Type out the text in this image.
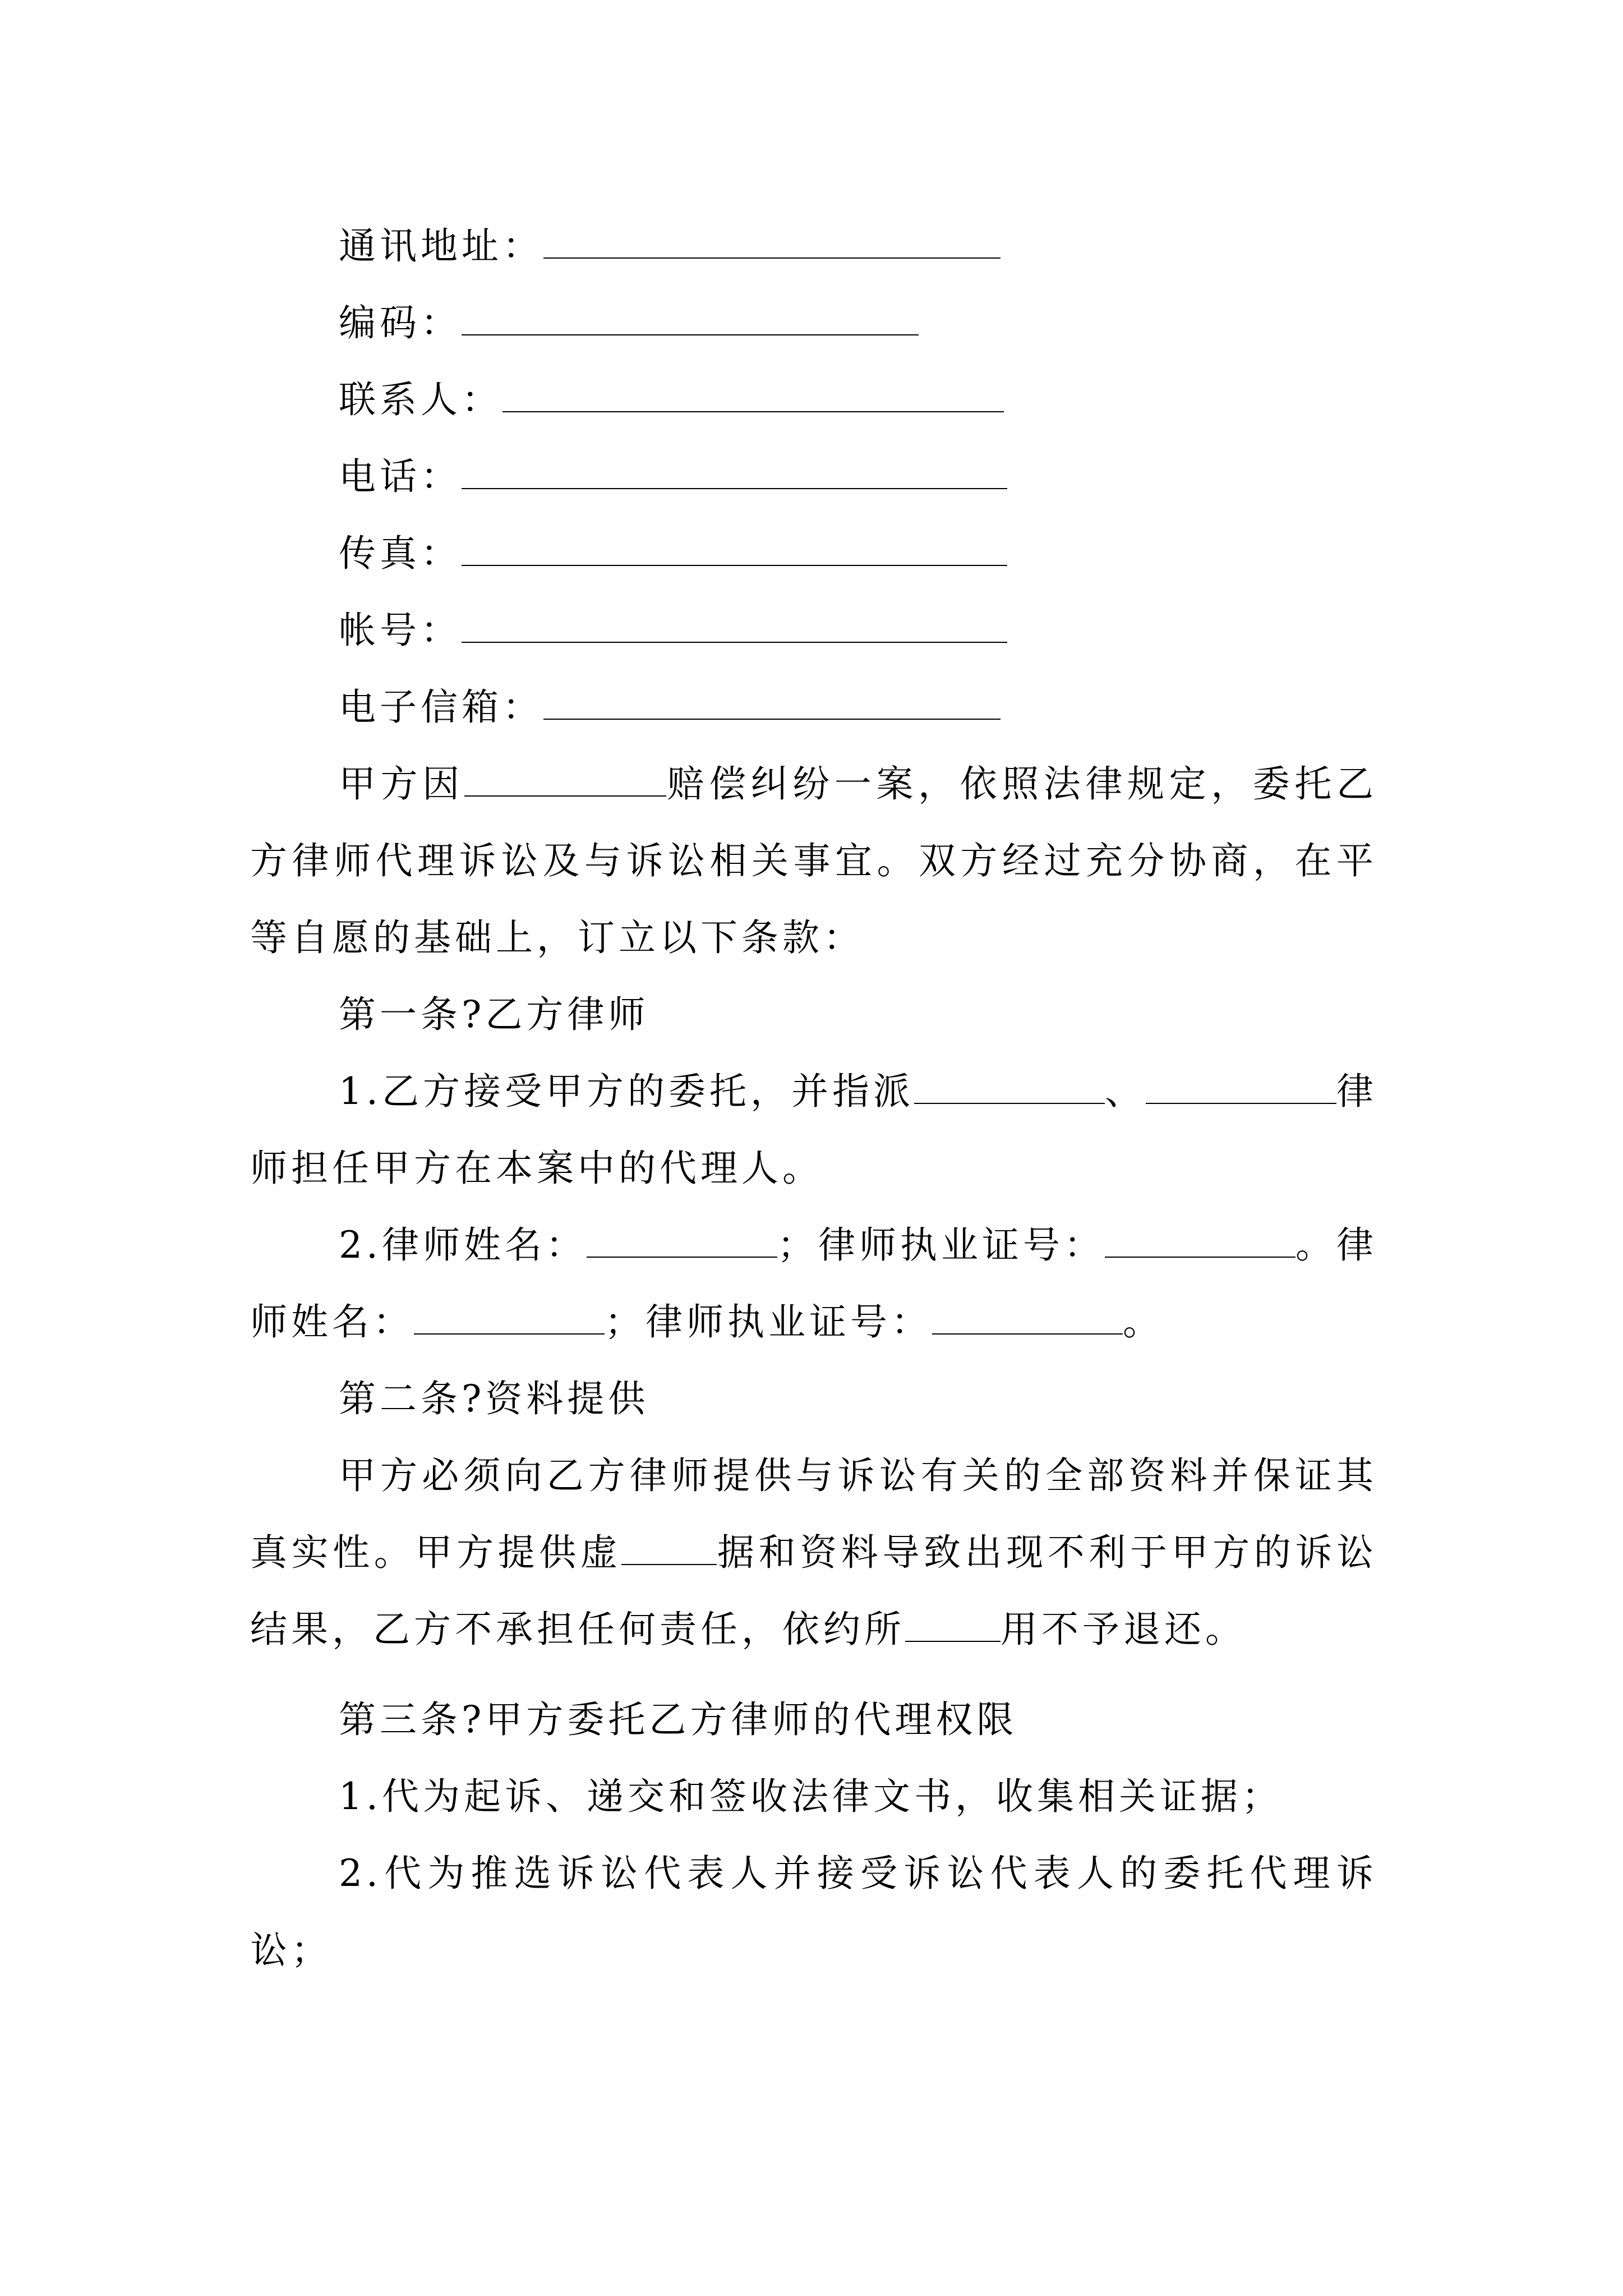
通讯地址：
编码：
联系人：
电话：
传真：
帐号：
电子信箱：

甲方因	赔偿纠纷一案，依照法律规定，委托乙方律师代理诉讼及与诉讼相关事宜。双方经过充分协商，在平等自愿的基础上，订立以下条款：

第一条?乙方律师

1.乙方接受甲方的委托，并指派	、	律师担任甲方在本案中的代理人。

2.律师姓名：	；律师执业证号：	。律师姓名：	；律师执业证号：	。

第二条?资料提供

甲方必须向乙方律师提供与诉讼有关的全部资料并保证其真实性。甲方提供虚	据和资料导致出现不利于甲方的诉讼结果，乙方不承担任何责任，依约所	用不予退还。

第三条?甲方委托乙方律师的代理权限

1.代为起诉、递交和签收法律文书，收集相关证据；

2.代为推选诉讼代表人并接受诉讼代表人的委托代理诉讼；
